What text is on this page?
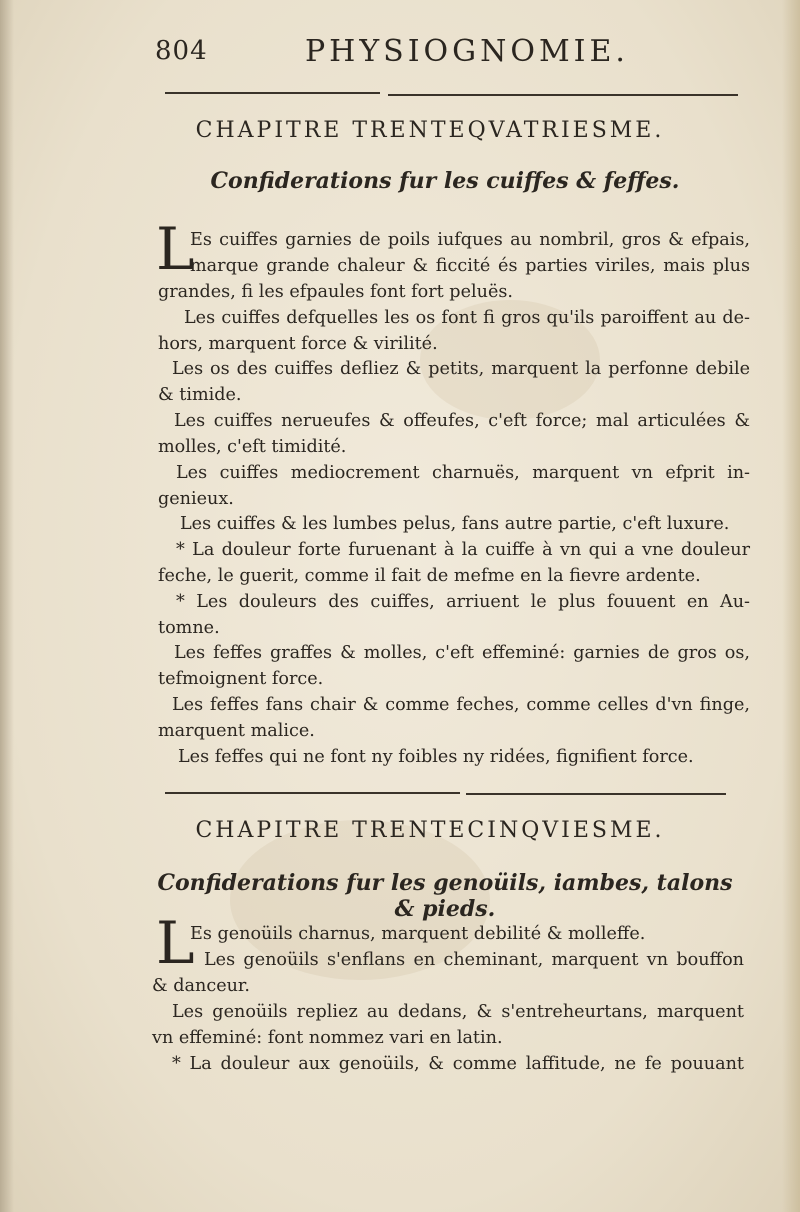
804	PHYSIOGNOMIE.
CHAPITRE TRENTEQVATRIESME.
Confiderations fur les cuiffes & feffes.
L
Es cuiffes garnies de poils iufques au nombril, gros & efpais,
marque grande chaleur & ficcité és parties viriles, mais plus
grandes, fi les efpaules font fort peluës.
Les cuiffes defquelles les os font fi gros qu'ils paroiffent au de-
hors, marquent force & virilité.
Les os des cuiffes defliez & petits, marquent la perfonne debile
& timide.
Les cuiffes nerueufes & offeufes, c'eft force; mal articulées &
molles, c'eft timidité.
Les cuiffes mediocrement charnuës, marquent vn efprit in-
genieux.
Les cuiffes & les lumbes pelus, fans autre partie, c'eft luxure.
* La douleur forte furuenant à la cuiffe à vn qui a vne douleur
feche, le guerit, comme il fait de mefme en la fievre ardente.
* Les douleurs des cuiffes, arriuent le plus fouuent en Au-
tomne.
Les feffes graffes & molles, c'eft effeminé: garnies de gros os,
tefmoignent force.
Les feffes fans chair & comme feches, comme celles d'vn finge,
marquent malice.
Les feffes qui ne font ny foibles ny ridées, fignifient force.
CHAPITRE TRENTECINQVIESME.
Confiderations fur les genoüils, iambes, talons & pieds.
L
Es genoüils charnus, marquent debilité & molleffe.
Les genoüils s'enflans en cheminant, marquent vn bouffon
& danceur.
Les genoüils repliez au dedans, & s'entreheurtans, marquent
vn effeminé: font nommez vari en latin.
* La douleur aux genoüils, & comme laffitude, ne fe pouuant
